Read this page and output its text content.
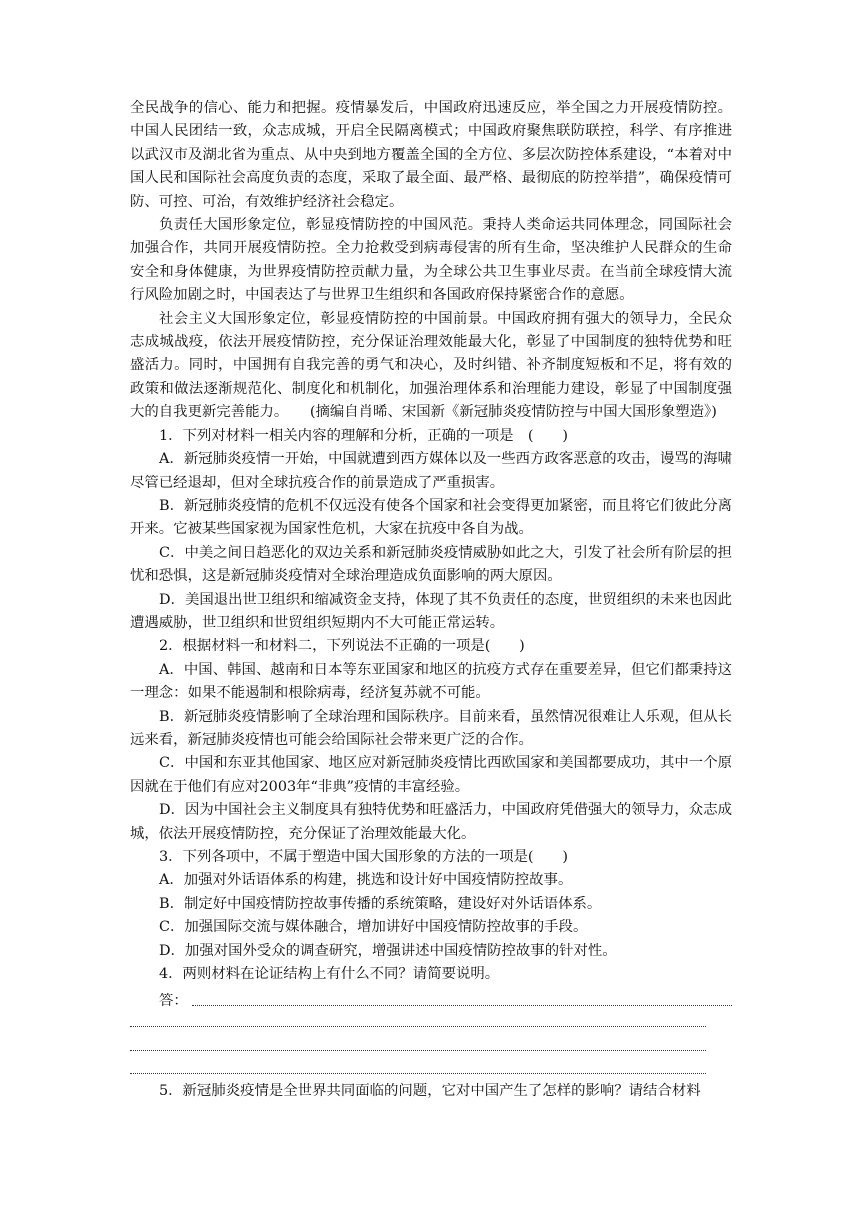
全民战争的信心、能力和把握。疫情暴发后，中国政府迅速反应，举全国之力开展疫情防控。中国人民团结一致，众志成城，开启全民隔离模式；中国政府聚焦联防联控，科学、有序推进以武汉市及湖北省为重点、从中央到地方覆盖全国的全方位、多层次防控体系建设，“本着对中国人民和国际社会高度负责的态度，采取了最全面、最严格、最彻底的防控举措”，确保疫情可防、可控、可治，有效维护经济社会稳定。

负责任大国形象定位，彰显疫情防控的中国风范。秉持人类命运共同体理念，同国际社会加强合作，共同开展疫情防控。全力抢救受到病毒侵害的所有生命，坚决维护人民群众的生命安全和身体健康，为世界疫情防控贡献力量，为全球公共卫生事业尽责。在当前全球疫情大流行风险加剧之时，中国表达了与世界卫生组织和各国政府保持紧密合作的意愿。

社会主义大国形象定位，彰显疫情防控的中国前景。中国政府拥有强大的领导力，全民众志成城战疫，依法开展疫情防控，充分保证治理效能最大化，彰显了中国制度的独特优势和旺盛活力。同时，中国拥有自我完善的勇气和决心，及时纠错、补齐制度短板和不足，将有效的政策和做法逐渐规范化、制度化和机制化，加强治理体系和治理能力建设，彰显了中国制度强大的自我更新完善能力。　　(摘编自肖晞、宋国新《新冠肺炎疫情防控与中国大国形象塑造》)

1．下列对材料一相关内容的理解和分析，正确的一项是　(　　)

A．新冠肺炎疫情一开始，中国就遭到西方媒体以及一些西方政客恶意的攻击，谩骂的海啸尽管已经退却，但对全球抗疫合作的前景造成了严重损害。

B．新冠肺炎疫情的危机不仅远没有使各个国家和社会变得更加紧密，而且将它们彼此分离开来。它被某些国家视为国家性危机，大家在抗疫中各自为战。

C．中美之间日趋恶化的双边关系和新冠肺炎疫情威胁如此之大，引发了社会所有阶层的担忧和恐惧，这是新冠肺炎疫情对全球治理造成负面影响的两大原因。

D．美国退出世卫组织和缩减资金支持，体现了其不负责任的态度，世贸组织的未来也因此遭遇威胁，世卫组织和世贸组织短期内不大可能正常运转。

2．根据材料一和材料二，下列说法不正确的一项是(　　)

A．中国、韩国、越南和日本等东亚国家和地区的抗疫方式存在重要差异，但它们都秉持这一理念：如果不能遏制和根除病毒，经济复苏就不可能。

B．新冠肺炎疫情影响了全球治理和国际秩序。目前来看，虽然情况很难让人乐观，但从长远来看，新冠肺炎疫情也可能会给国际社会带来更广泛的合作。

C．中国和东亚其他国家、地区应对新冠肺炎疫情比西欧国家和美国都要成功，其中一个原因就在于他们有应对2003年“非典”疫情的丰富经验。

D．因为中国社会主义制度具有独特优势和旺盛活力，中国政府凭借强大的领导力，众志成城，依法开展疫情防控，充分保证了治理效能最大化。

3．下列各项中，不属于塑造中国大国形象的方法的一项是(　　)

A．加强对外话语体系的构建，挑选和设计好中国疫情防控故事。

B．制定好中国疫情防控故事传播的系统策略，建设好对外话语体系。

C．加强国际交流与媒体融合，增加讲好中国疫情防控故事的手段。

D．加强对国外受众的调查研究，增强讲述中国疫情防控故事的针对性。

4．两则材料在论证结构上有什么不同？请简要说明。

答：

5．新冠肺炎疫情是全世界共同面临的问题，它对中国产生了怎样的影响？请结合材料
